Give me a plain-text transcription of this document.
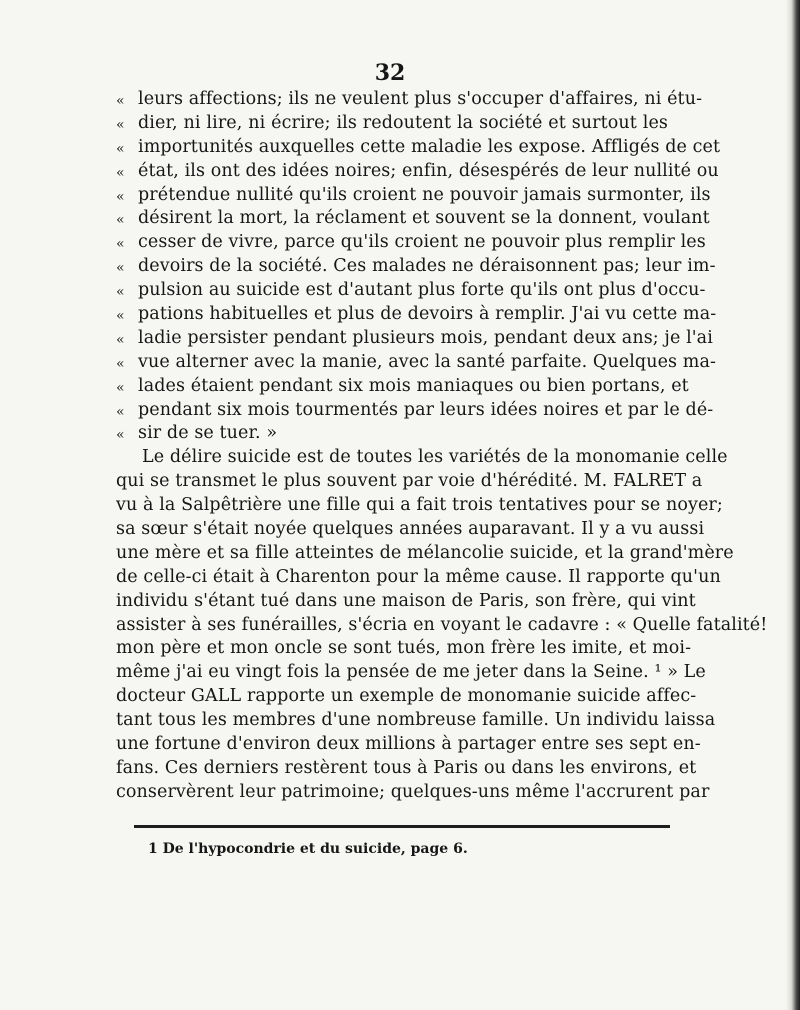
32
« leurs affections; ils ne veulent plus s'occuper d'affaires, ni étu-
« dier, ni lire, ni écrire; ils redoutent la société et surtout les
« importunités auxquelles cette maladie les expose. Affligés de cet
« état, ils ont des idées noires; enfin, désespérés de leur nullité ou
« prétendue nullité qu'ils croient ne pouvoir jamais surmonter, ils
« désirent la mort, la réclament et souvent se la donnent, voulant
« cesser de vivre, parce qu'ils croient ne pouvoir plus remplir les
« devoirs de la société. Ces malades ne déraisonnent pas; leur im-
« pulsion au suicide est d'autant plus forte qu'ils ont plus d'occu-
« pations habituelles et plus de devoirs à remplir. J'ai vu cette ma-
« ladie persister pendant plusieurs mois, pendant deux ans; je l'ai
« vue alterner avec la manie, avec la santé parfaite. Quelques ma-
« lades étaient pendant six mois maniaques ou bien portans, et
« pendant six mois tourmentés par leurs idées noires et par le dé-
« sir de se tuer. »
Le délire suicide est de toutes les variétés de la monomanie celle
qui se transmet le plus souvent par voie d'hérédité. M. FALRET a
vu à la Salpêtrière une fille qui a fait trois tentatives pour se noyer;
sa sœur s'était noyée quelques années auparavant. Il y a vu aussi
une mère et sa fille atteintes de mélancolie suicide, et la grand'mère
de celle-ci était à Charenton pour la même cause. Il rapporte qu'un
individu s'étant tué dans une maison de Paris, son frère, qui vint
assister à ses funérailles, s'écria en voyant le cadavre : « Quelle fatalité!
mon père et mon oncle se sont tués, mon frère les imite, et moi-
même j'ai eu vingt fois la pensée de me jeter dans la Seine. ¹ » Le
docteur GALL rapporte un exemple de monomanie suicide affec-
tant tous les membres d'une nombreuse famille. Un individu laissa
une fortune d'environ deux millions à partager entre ses sept en-
fans. Ces derniers restèrent tous à Paris ou dans les environs, et
conservèrent leur patrimoine; quelques-uns même l'accrurent par
1 De l'hypocondrie et du suicide, page 6.
